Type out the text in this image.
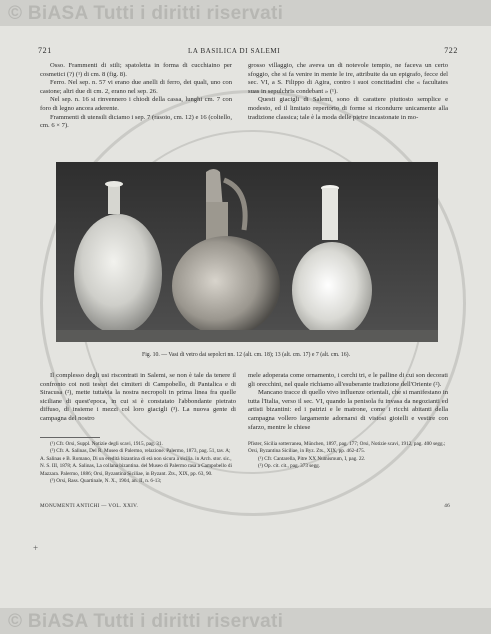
© BiASA Tutti i diritti riservati
721	LA BASILICA DI SALEMI	722

Osso. Frammenti di stili; spatoletta in forma di cucchiaino per cosmetici (?) (¹) di cm. 8 (fig. 8).

Ferro. Nel sep. n. 57 vi erano due anelli di ferro, dei quali, uno con castone; altri due di cm. 2, erano nel sep. 26.

Nel sep. n. 16 si rinvennero i chiodi della cassa, lunghi cm. 7 con foro di legno ancora aderente.

Frammenti di utensili diciamo i sep. 7 (rasoio, cm. 12) e 16 (coltello, cm. 6 × 7).

grosso villaggio, che aveva un di notevole tempio, ne faceva un certo sfoggio, che si fa venire in mente le ire, attribuite da un epigrafo, fecce del sec. VI, a S. Filippo di Agira, contro i suoi concittadini che « facultates suas in sepulchris condebant » (¹).

Questi giacigli di Salemi, sono di carattere piuttosto semplice e modesto, ed il limitato repertorio di forme si ricondurre unicamente alla tradizione classica; tale è la moda delle pietre incastonate in mo-

Fig. 10. — Vasi di vetro dai sepolcri nn. 12 (alt. cm. 18); 13 (alt. cm. 17) e 7 (alt. cm. 16).

Il complesso degli usi riscontrati in Salemi, se non è tale da tenere il confronto coi noti tesori dei cimiteri di Campobello, di Pantalica e di Siracusa (²), mette tuttavia la nostra necropoli in prima linea fra quelle siciliane di quest'epoca, in cui si è constatato l'abbondante pietrato diffuso, di insieme i mezzi col loro giacigli (³). La nuova gente di campagna del nostro

mele adoperata come ornamento, i cerchi tri, e le palline di cui son decorati gli orecchini, nel quale richiamo all'esuberante tradizione dell'Oriente (²).

Mancano tracce di quello vivo influenze orientali, che si manifestano in tutta l'Italia, verso il sec. VI, quando la penisola fu invasa da negozianti ed artisti bizantini: ed i patrizi e le matrone, come i ricchi abitanti della campagna vollero largamente adornarsi di vistosi gioielli e vestire con sfarzo, mentre le chiese

(¹) Cfr. Orsi, Suppl. Notizie degli scavi, 1915, pag. 31.

(²) Cfr. A. Salinas, Del R. Museo di Palermo, relazione. Palermo, 1873, pag. 51, tav. A; A. Salinas e B. Romano, Di un eredità bizantina di età non sicura a sicilia. in Arch. stor. sic., N. S. III, 1878; A. Salinas, La collana bizantina. del Museo di Palermo rasa a Campobello di Mazzara. Palermo, 1886; Orsi, Byzantina Siciliae, in Byzant. Zts., XIX, pp. 63, 90.

(³) Orsi, Rass. Quartinale, N. X., 1904, an. II, n. 6-13;

Pfister, Sicilia sotterranea, München, 1897, pag. 177; Orsi, Notizie scavi, 1912, pag. 400 segg.; Orsi, Byzantina Siciliae, in Byz. Zts., XIX, pp. 462-475.

(¹) Cfr. Cantarella, Pitre XX Numismum, I, pag. 22.

(²) Op. cit. cit., pag. 373 segg.

MONUMENTI ANTICHI — VOL. XXIV.	46
+
© BiASA Tutti i diritti riservati
